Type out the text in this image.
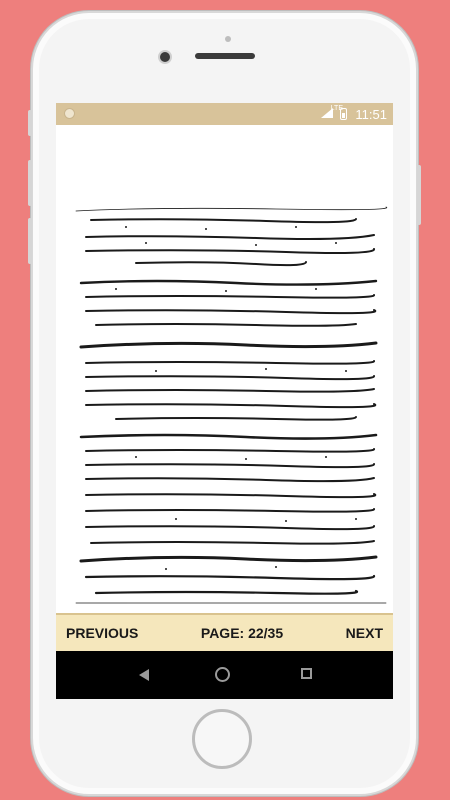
LTE 11:51
PREVIOUS	PAGE: 22/35	NEXT
